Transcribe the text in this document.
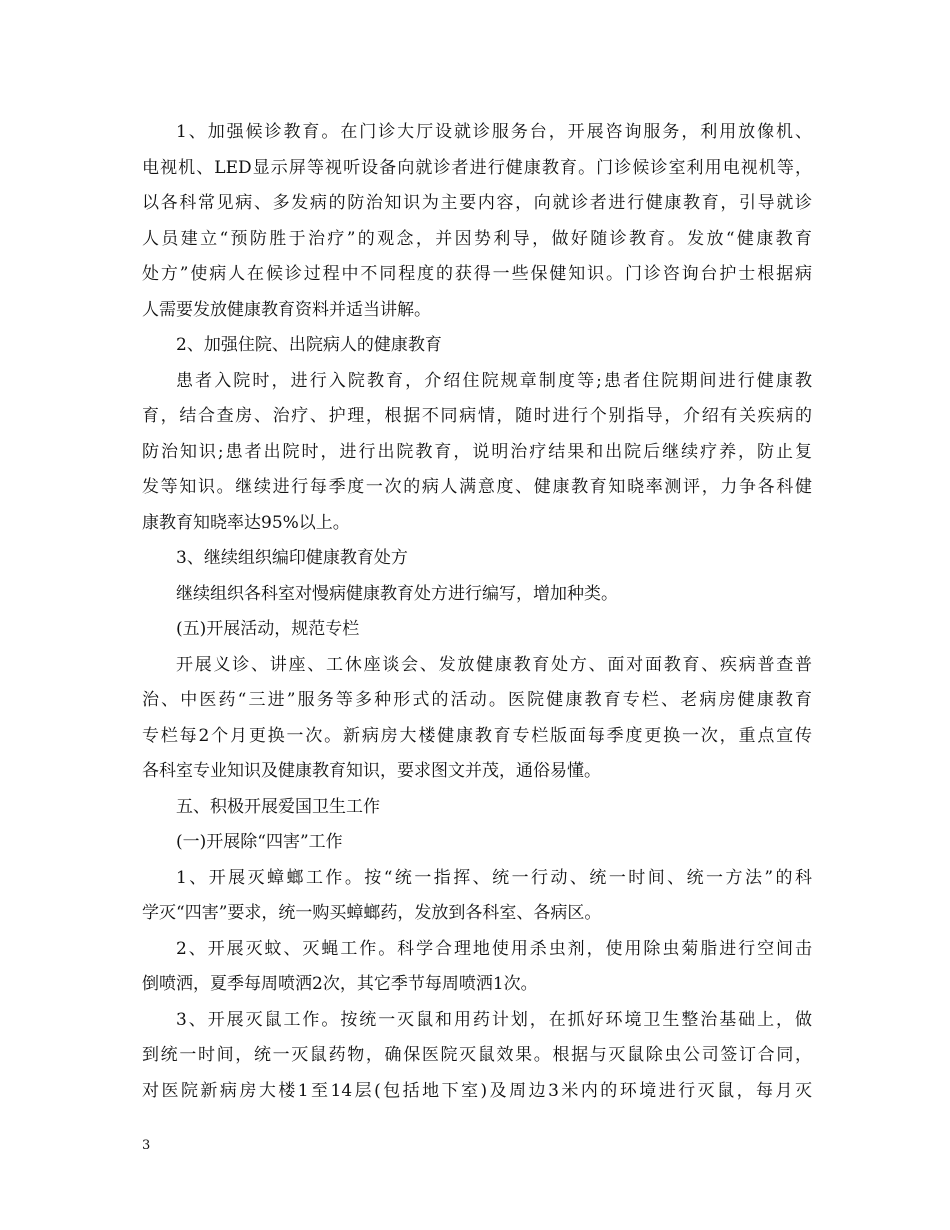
1、加强候诊教育。在门诊大厅设就诊服务台，开展咨询服务，利用放像机、
电视机、LED显示屏等视听设备向就诊者进行健康教育。门诊候诊室利用电视机等，
以各科常见病、多发病的防治知识为主要内容，向就诊者进行健康教育，引导就诊
人员建立“预防胜于治疗”的观念，并因势利导，做好随诊教育。发放“健康教育
处方”使病人在候诊过程中不同程度的获得一些保健知识。门诊咨询台护士根据病
人需要发放健康教育资料并适当讲解。
2、加强住院、出院病人的健康教育
患者入院时，进行入院教育，介绍住院规章制度等;患者住院期间进行健康教
育，结合查房、治疗、护理，根据不同病情，随时进行个别指导，介绍有关疾病的
防治知识;患者出院时，进行出院教育，说明治疗结果和出院后继续疗养，防止复
发等知识。继续进行每季度一次的病人满意度、健康教育知晓率测评，力争各科健
康教育知晓率达95%以上。
3、继续组织编印健康教育处方
继续组织各科室对慢病健康教育处方进行编写，增加种类。
(五)开展活动，规范专栏
开展义诊、讲座、工休座谈会、发放健康教育处方、面对面教育、疾病普查普
治、中医药“三进”服务等多种形式的活动。医院健康教育专栏、老病房健康教育
专栏每2个月更换一次。新病房大楼健康教育专栏版面每季度更换一次，重点宣传
各科室专业知识及健康教育知识，要求图文并茂，通俗易懂。
五、积极开展爱国卫生工作
(一)开展除“四害”工作
1、开展灭蟑螂工作。按“统一指挥、统一行动、统一时间、统一方法”的科
学灭“四害”要求，统一购买蟑螂药，发放到各科室、各病区。
2、开展灭蚊、灭蝇工作。科学合理地使用杀虫剂，使用除虫菊脂进行空间击
倒喷洒，夏季每周喷洒2次，其它季节每周喷洒1次。
3、开展灭鼠工作。按统一灭鼠和用药计划，在抓好环境卫生整治基础上，做
到统一时间，统一灭鼠药物，确保医院灭鼠效果。根据与灭鼠除虫公司签订合同，
对医院新病房大楼1至14层(包括地下室)及周边3米内的环境进行灭鼠，每月灭
3
